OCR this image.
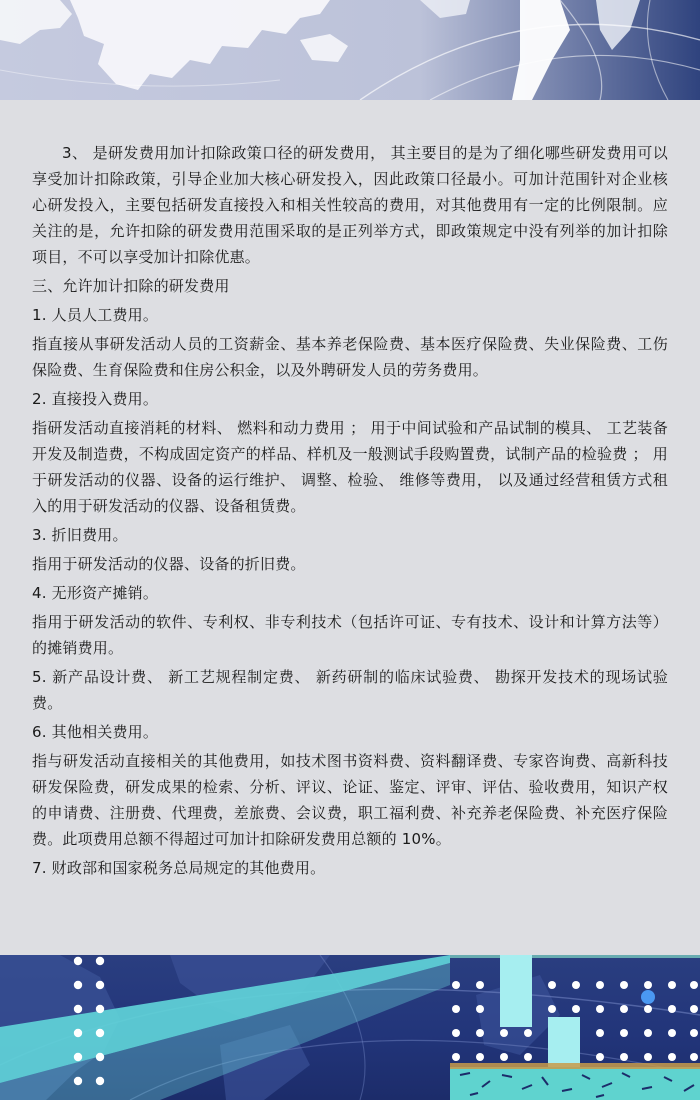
3、 是研发费用加计扣除政策口径的研发费用， 其主要目的是为了细化哪些研发费用可以享受加计扣除政策，引导企业加大核心研发投入，因此政策口径最小。可加计范围针对企业核心研发投入，主要包括研发直接投入和相关性较高的费用，对其他费用有一定的比例限制。应关注的是，允许扣除的研发费用范围采取的是正列举方式，即政策规定中没有列举的加计扣除项目，不可以享受加计扣除优惠。

三、允许加计扣除的研发费用

1. 人员人工费用。

指直接从事研发活动人员的工资薪金、基本养老保险费、基本医疗保险费、失业保险费、工伤保险费、生育保险费和住房公积金，以及外聘研发人员的劳务费用。

2. 直接投入费用。

指研发活动直接消耗的材料、 燃料和动力费用 ； 用于中间试验和产品试制的模具、 工艺装备开发及制造费，不构成固定资产的样品、样机及一般测试手段购置费，试制产品的检验费 ； 用于研发活动的仪器、设备的运行维护、 调整、检验、 维修等费用， 以及通过经营租赁方式租入的用于研发活动的仪器、设备租赁费。

3. 折旧费用。

指用于研发活动的仪器、设备的折旧费。

4. 无形资产摊销。

指用于研发活动的软件、专利权、非专利技术（包括许可证、专有技术、设计和计算方法等）的摊销费用。

5. 新产品设计费、 新工艺规程制定费、 新药研制的临床试验费、 勘探开发技术的现场试验费。

6. 其他相关费用。

指与研发活动直接相关的其他费用，如技术图书资料费、资料翻译费、专家咨询费、高新科技研发保险费，研发成果的检索、分析、评议、论证、鉴定、评审、评估、验收费用，知识产权的申请费、注册费、代理费，差旅费、会议费，职工福利费、补充养老保险费、补充医疗保险费。此项费用总额不得超过可加计扣除研发费用总额的 10%。

7. 财政部和国家税务总局规定的其他费用。
